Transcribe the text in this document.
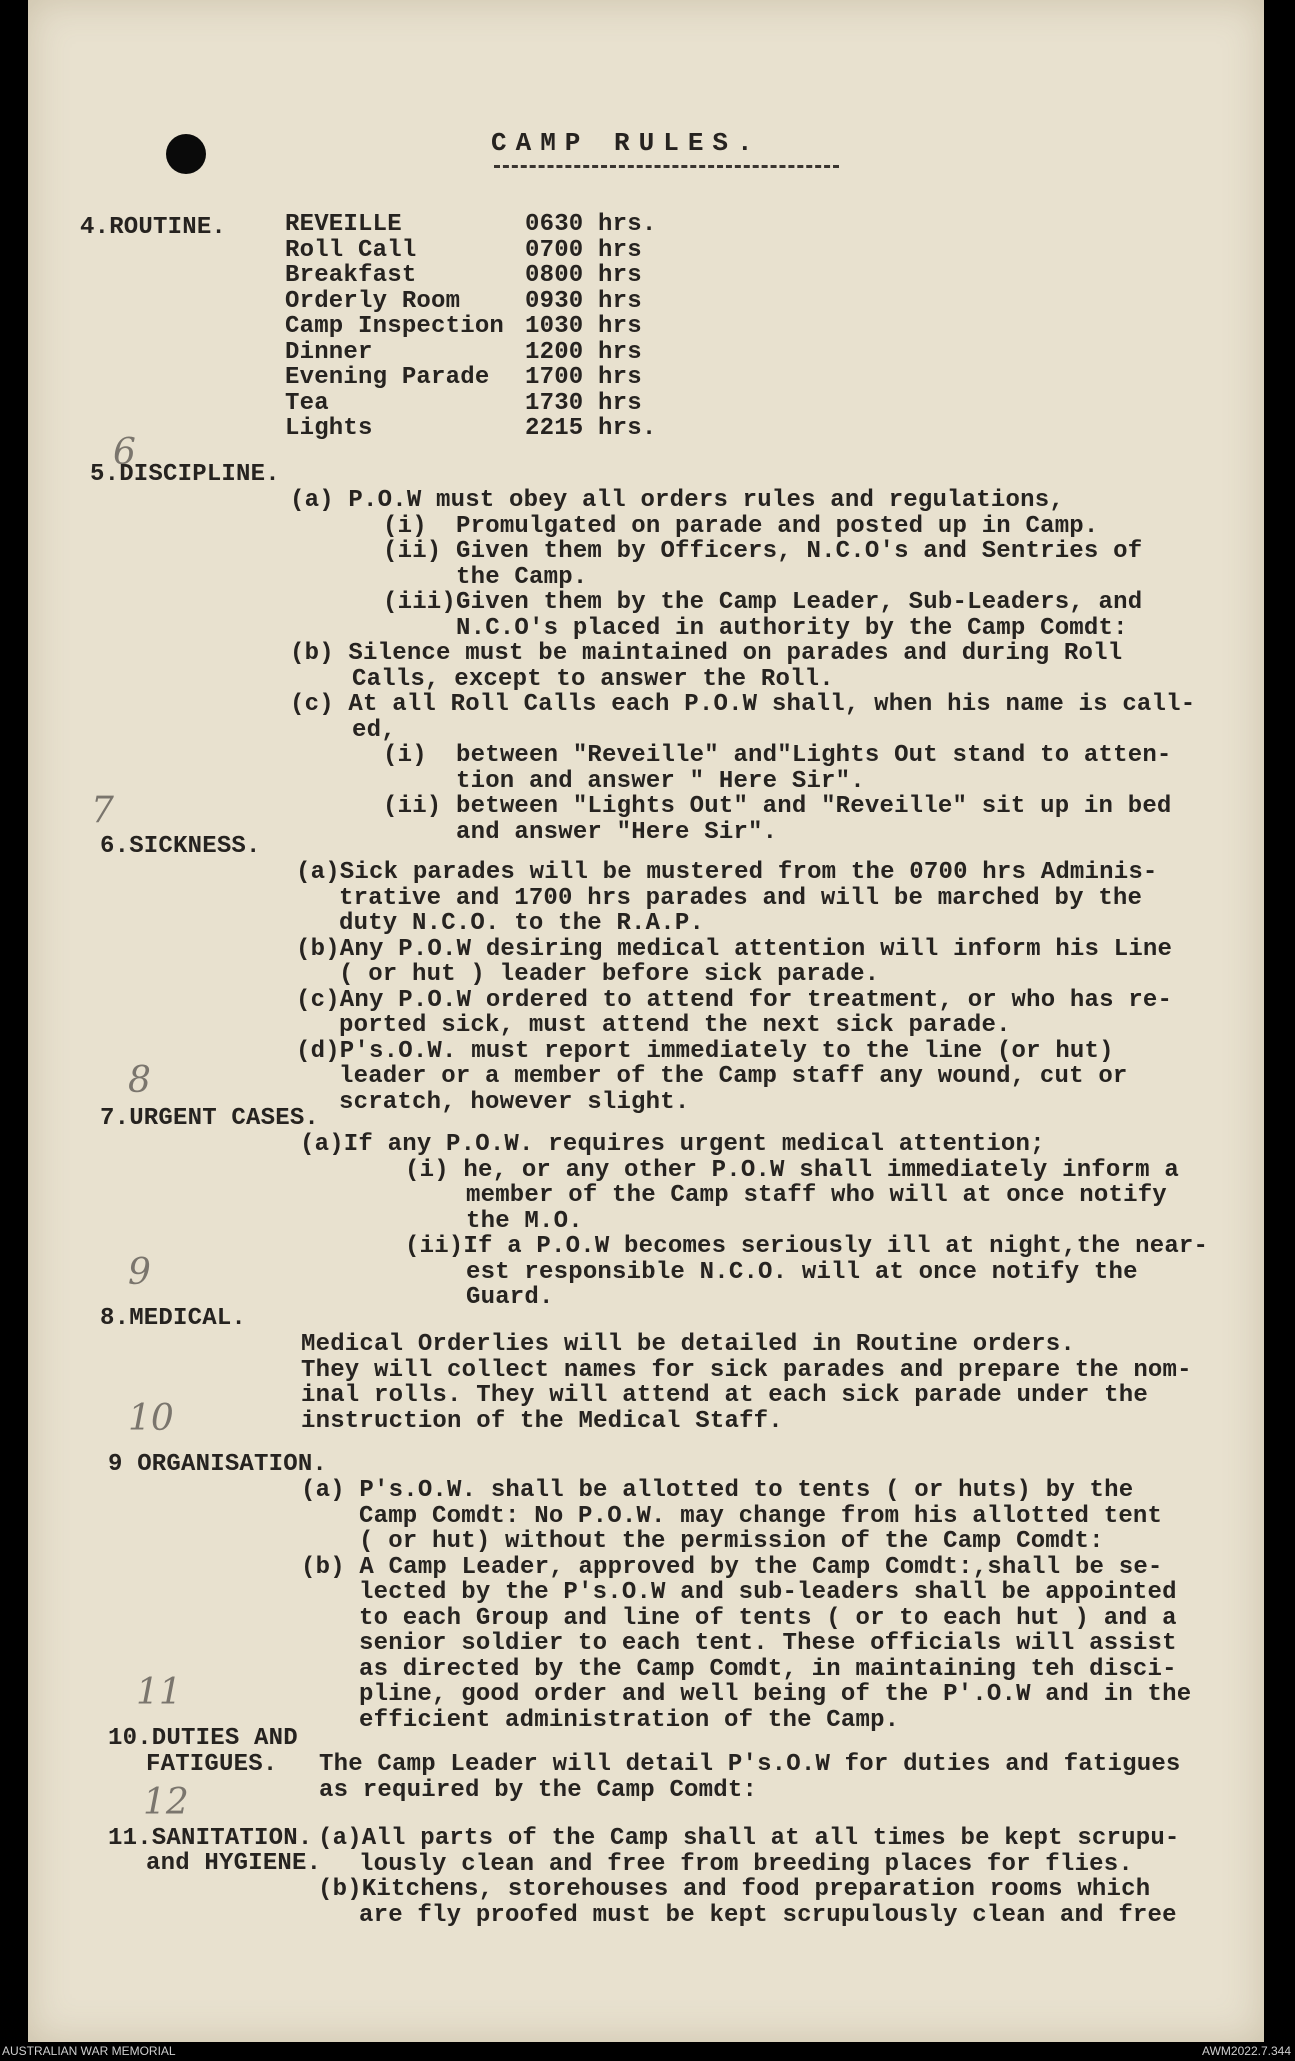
CAMP RULES.
4.ROUTINE. REVEILLE	0630 hrs.
Roll Call	0700 hrs
Breakfast	0800 hrs
Orderly Room	0930 hrs
Camp Inspection 1030 hrs
Dinner	1200 hrs
Evening Parade 1700 hrs
Tea	1730 hrs
Lights	2215 hrs.
6
7
8
9
10
11
12
5.DISCIPLINE.
(a) P.O.W must obey all orders rules and regulations,
(i)  Promulgated on parade and posted up in Camp.
(ii) Given them by Officers, N.C.O's and Sentries of
the Camp.
(iii)Given them by the Camp Leader, Sub-Leaders, and
N.C.O's placed in authority by the Camp Comdt:
(b) Silence must be maintained on parades and during Roll
Calls, except to answer the Roll.
(c) At all Roll Calls each P.O.W shall, when his name is call-
ed,
(i)  between "Reveille" and"Lights Out stand to atten-
tion and answer " Here Sir".
(ii) between "Lights Out" and "Reveille" sit up in bed
and answer "Here Sir".
6.SICKNESS.
(a)Sick parades will be mustered from the 0700 hrs Adminis-
trative and 1700 hrs parades and will be marched by the
duty N.C.O. to the R.A.P.
(b)Any P.O.W desiring medical attention will inform his Line
( or hut ) leader before sick parade.
(c)Any P.O.W ordered to attend for treatment, or who has re-
ported sick, must attend the next sick parade.
(d)P's.O.W. must report immediately to the line (or hut)
leader or a member of the Camp staff any wound, cut or
scratch, however slight.
7.URGENT CASES.
(a)If any P.O.W. requires urgent medical attention;
(i) he, or any other P.O.W shall immediately inform a
member of the Camp staff who will at once notify
the M.O.
(ii)If a P.O.W becomes seriously ill at night,the near-
est responsible N.C.O. will at once notify the
Guard.
8.MEDICAL.
Medical Orderlies will be detailed in Routine orders.
They will collect names for sick parades and prepare the nom-
inal rolls. They will attend at each sick parade under the
instruction of the Medical Staff.
9 ORGANISATION.
(a) P's.O.W. shall be allotted to tents ( or huts) by the
Camp Comdt: No P.O.W. may change from his allotted tent
( or hut) without the permission of the Camp Comdt:
(b) A Camp Leader, approved by the Camp Comdt:,shall be se-
lected by the P's.O.W and sub-leaders shall be appointed
to each Group and line of tents ( or to each hut ) and a
senior soldier to each tent. These officials will assist
as directed by the Camp Comdt, in maintaining teh disci-
pline, good order and well being of the P'.O.W and in the
efficient administration of the Camp.
10.DUTIES AND
FATIGUES. The Camp Leader will detail P's.O.W for duties and fatigues
as required by the Camp Comdt:
11.SANITATION.
and HYGIENE.
(a)All parts of the Camp shall at all times be kept scrupu-
lously clean and free from breeding places for flies.
(b)Kitchens, storehouses and food preparation rooms which
are fly proofed must be kept scrupulously clean and free
AUSTRALIAN WAR MEMORIAL	AWM2022.7.344
